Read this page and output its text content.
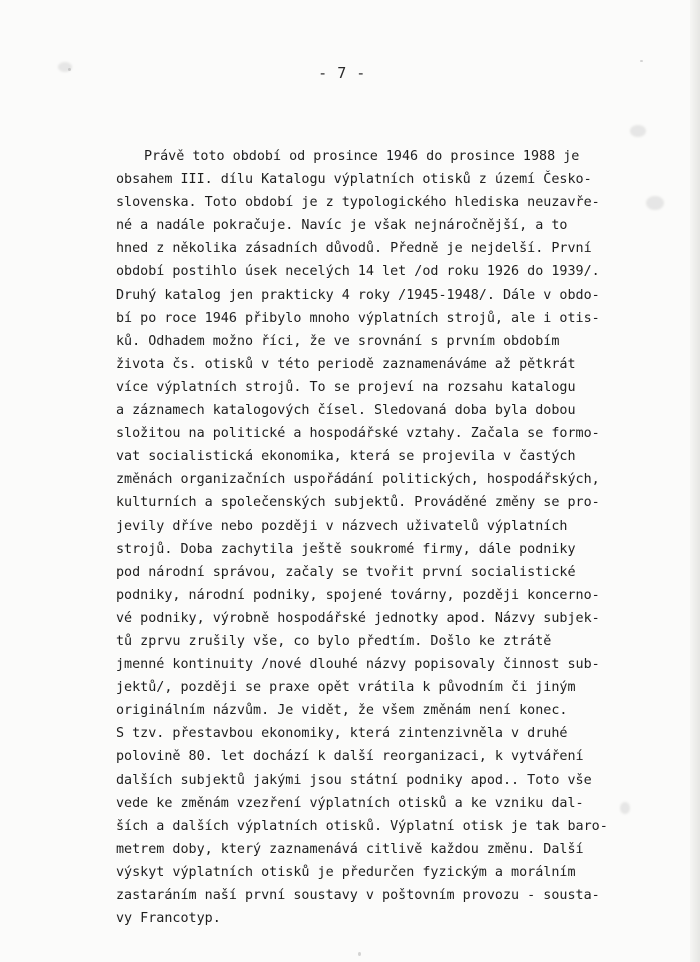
- 7 -
Právě toto období od prosince 1946 do prosince 1988 je
obsahem III. dílu Katalogu výplatních otisků z území Česko-
slovenska. Toto období je z typologického hlediska neuzavře-
né a nadále pokračuje. Navíc je však nejnáročnější, a to
hned z několika zásadních důvodů. Předně je nejdelší. První
období postihlo úsek necelých 14 let /od roku 1926 do 1939/.
Druhý katalog jen prakticky 4 roky /1945-1948/. Dále v obdo-
bí po roce 1946 přibylo mnoho výplatních strojů, ale i otis-
ků. Odhadem možno říci, že ve srovnání s prvním obdobím
života čs. otisků v této periodě zaznamenáváme až pětkrát
více výplatních strojů. To se projeví na rozsahu katalogu
a záznamech katalogových čísel. Sledovaná doba byla dobou
složitou na politické a hospodářské vztahy. Začala se formo-
vat socialistická ekonomika, která se projevila v častých
změnách organizačních uspořádání politických, hospodářských,
kulturních a společenských subjektů. Prováděné změny se pro-
jevily dříve nebo později v názvech uživatelů výplatních
strojů. Doba zachytila ještě soukromé firmy, dále podniky
pod národní správou, začaly se tvořit první socialistické
podniky, národní podniky, spojené továrny, později koncerno-
vé podniky, výrobně hospodářské jednotky apod. Názvy subjek-
tů zprvu zrušily vše, co bylo předtím. Došlo ke ztrátě
jmenné kontinuity /nové dlouhé názvy popisovaly činnost sub-
jektů/, později se praxe opět vrátila k původním či jiným
originálním názvům. Je vidět, že všem změnám není konec.
S tzv. přestavbou ekonomiky, která zintenzivněla v druhé
polovině 80. let dochází k další reorganizaci, k vytváření
dalších subjektů jakými jsou státní podniky apod.. Toto vše
vede ke změnám vzezření výplatních otisků a ke vzniku dal-
ších a dalších výplatních otisků. Výplatní otisk je tak baro-
metrem doby, který zaznamenává citlivě každou změnu. Další
výskyt výplatních otisků je předurčen fyzickým a morálním
zastaráním naší první soustavy v poštovním provozu - sousta-
vy Francotyp.
